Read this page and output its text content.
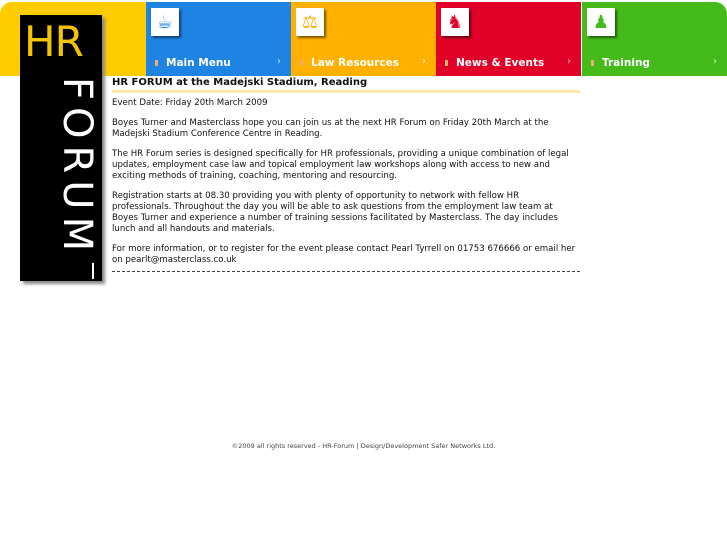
☕
Main Menu	›
⚖
Law Resources ›
♞
News & Events ›
♟
Training	›
HR
FORUM HR FORUM at the Madejski Stadium, Reading

Event Date: Friday 20th March 2009

Boyes Turner and Masterclass hope you can join us at the next HR Forum on Friday 20th March at the Madejski Stadium Conference Centre in Reading.

The HR Forum series is designed specifically for HR professionals, providing a unique combination of legal updates, employment case law and topical employment law workshops along with access to new and exciting methods of training, coaching, mentoring and resourcing.

Registration starts at 08.30 providing you with plenty of opportunity to network with fellow HR professionals. Throughout the day you will be able to ask questions from the employment law team at Boyes Turner and experience a number of training sessions facilitated by Masterclass. The day includes lunch and all handouts and materials.

For more information, or to register for the event please contact Pearl Tyrrell on 01753 676666 or email her on pearlt@masterclass.co.uk

©2009 all rights reserved - HR-Forum | Design/Development Safer Networks Ltd.
